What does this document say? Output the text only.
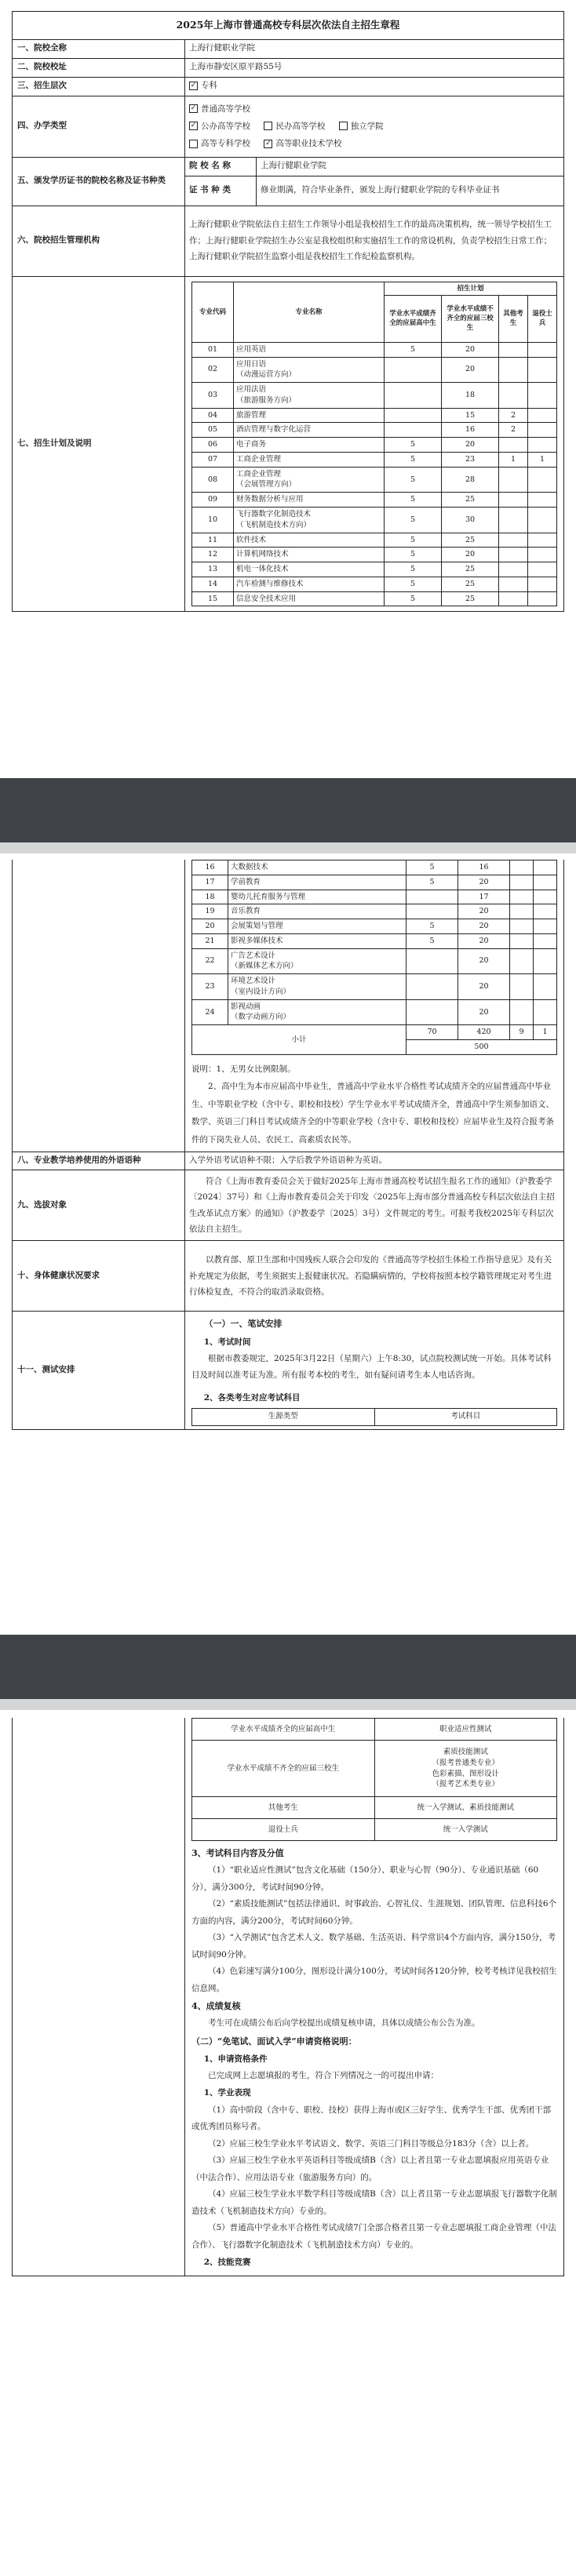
2025年上海市普通高校专科层次依法自主招生章程
一、院校全称	上海行健职业学院
二、院校校址	上海市静安区原平路55号
三、招生层次	✓ 专科
四、办学类型	
✓ 普通高等学校
✓ 公办高等学校	民办高等学校	独立学院
高等专科学校 ✓ 高等职业技术学校

五、颁发学历证书的院校名称及证书种类	院 校 名 称	上海行健职业学院
证 书 种 类	修业期满，符合毕业条件，颁发上海行健职业学院的专科毕业证书
六、院校招生管理机构	上海行健职业学院依法自主招生工作领导小组是我校招生工作的最高决策机构，统一领导学校招生工作；上海行健职业学院招生办公室是我校组织和实施招生工作的常设机构，负责学校招生日常工作；上海行健职业学院招生监察小组是我校招生工作纪检监察机构。
七、招生计划及说明	
专业代码	专业名称	招生计划
学业水平成绩齐全的应届高中生	学业水平成绩不齐全的应届三校生	其他考生	退役士兵
01	应用英语	5	20		
02	应用日语
（动漫运营方向）		20		
03	应用法语
（旅游服务方向）		18		
04	旅游管理		15	2	
05	酒店管理与数字化运营		16	2	
06	电子商务	5	20		
07	工商企业管理	5	23	1	1
08	工商企业管理
（会展管理方向）	5	28		
09	财务数据分析与应用	5	25		
10	飞行器数字化制造技术
（飞机制造技术方向）	5	30		
11	软件技术	5	25		
12	计算机网络技术	5	20		
13	机电一体化技术	5	25		
14	汽车检测与维修技术	5	25		
15	信息安全技术应用	5	25		

16	大数据技术	5	16		
17	学前教育	5	20		
18	婴幼儿托育服务与管理		17		
19	音乐教育		20		
20	会展策划与管理	5	20		
21	影视多媒体技术	5	20		
22	广告艺术设计
（新媒体艺术方向）		20		
23	环境艺术设计
（室内设计方向）		20		
24	影视动画
（数字动画方向）		20		
小计	70	420	9	1
500

说明：1、无男女比例限制。

2、高中生为本市应届高中毕业生，普通高中学业水平合格性考试成绩齐全的应届普通高中毕业生、中等职业学校（含中专、职校和技校）学生学业水平考试成绩齐全，普通高中学生须参加语文、数学、英语三门科目考试成绩齐全的中等职业学校（含中专、职校和技校）应届毕业生及符合报考条件的下岗失业人员、农民工、高素质农民等。

八、专业教学培养使用的外语语种	入学外语考试语种不限；入学后教学外语语种为英语。
九、选拔对象	符合《上海市教育委员会关于做好2025年上海市普通高校考试招生报名工作的通知》（沪教委学〔2024〕37号）和《上海市教育委员会关于印发〈2025年上海市部分普通高校专科层次依法自主招生改革试点方案〉的通知》（沪教委学〔2025〕3号）文件规定的考生。可报考我校2025年专科层次依法自主招生。
十、身体健康状况要求	以教育部、原卫生部和中国残疾人联合会印发的《普通高等学校招生体检工作指导意见》及有关补充规定为依据，考生须据实上报健康状况。若隐瞒病情的，学校将按照本校学籍管理规定对考生进行体检复查，不符合的取消录取资格。
十一、测试安排	

（一）一、笔试安排

1、考试时间

根据市教委规定，2025年3月22日（星期六）上午8:30，试点院校测试统一开始。具体考试科目及时间以准考证为准。所有报考本校的考生，如有疑问请考生本人电话咨询。

2、各类考生对应考试科目

生源类型	考试科目

学业水平成绩齐全的应届高中生	职业适应性测试
学业水平成绩不齐全的应届三校生	素质技能测试
（报考普通类专业）
色彩素描、图形设计
（报考艺术类专业）
其他考生	统一入学测试、素质技能测试
退役士兵	统一入学测试

3、考试科目内容及分值

（1）“职业适应性测试”包含文化基础（150分）、职业与心智（90分）、专业通识基础（60分），满分300分，考试时间90分钟。

（2）“素质技能测试”包括法律通识、时事政治、心智礼仪、生涯规划、团队管理、信息科技6个方面的内容，满分200分，考试时间60分钟。

（3）“入学测试”包含艺术人文、数学基础、生活英语、科学常识4个方面内容，满分150分，考试时间90分钟。

（4）色彩速写满分100分，图形设计满分100分，考试时间各120分钟，校考考核详见我校招生信息网。

4、成绩复核

考生可在成绩公布后向学校提出成绩复核申请，具体以成绩公布公告为准。

（二）“免笔试、面试入学”申请资格说明：

1、申请资格条件

已完成网上志愿填报的考生，符合下列情况之一的可提出申请：

1、学业表现

（1）高中阶段（含中专、职校、技校）获得上海市或区三好学生、优秀学生干部、优秀团干部或优秀团员称号者。

（2）应届三校生学业水平考试语文、数学、英语三门科目等级总分183分（含）以上者。

（3）应届三校生学业水平英语科目等级成绩B（含）以上者且第一专业志愿填报应用英语专业（中法合作）、应用法语专业（旅游服务方向）的。

（4）应届三校生学业水平数学科目等级成绩B（含）以上者且第一专业志愿填报飞行器数字化制造技术（飞机制造技术方向）专业的。

（5）普通高中学业水平合格性考试成绩7门全部合格者且第一专业志愿填报工商企业管理（中法合作）、飞行器数字化制造技术（飞机制造技术方向）专业的。

2、技能竞赛
